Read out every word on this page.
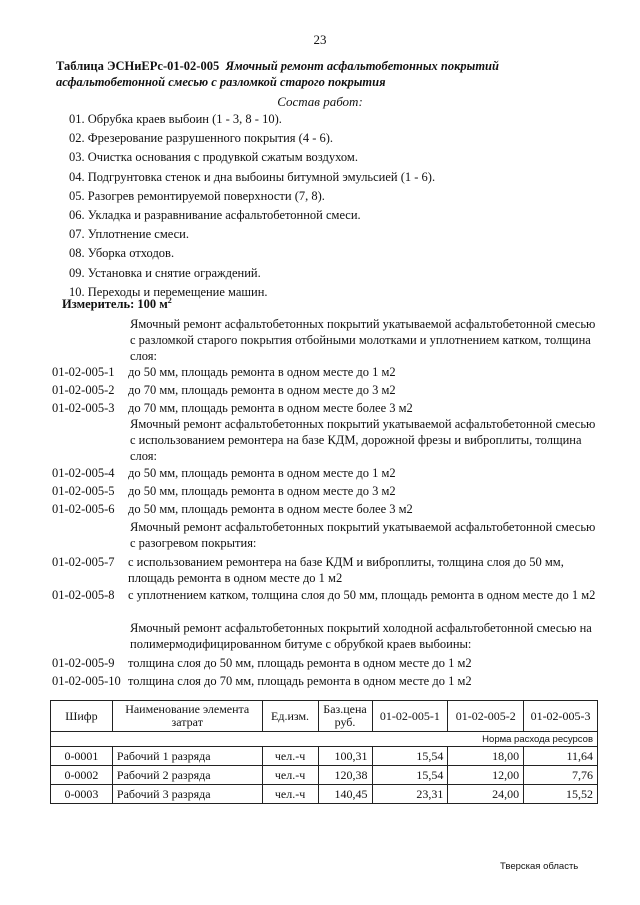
23
Таблица ЭСНиЕРс-01-02-005 Ямочный ремонт асфальтобетонных покрытий
асфальтобетонной смесью с разломкой старого покрытия
Состав работ:
01. Обрубка краев выбоин (1 - 3, 8 - 10).
02. Фрезерование разрушенного покрытия (4 - 6).
03. Очистка основания с продувкой сжатым воздухом.
04. Подгрунтовка стенок и дна выбоины битумной эмульсией (1 - 6).
05. Разогрев ремонтируемой поверхности (7, 8).
06. Укладка и разравнивание асфальтобетонной смеси.
07. Уплотнение смеси.
08. Уборка отходов.
09. Установка и снятие ограждений.
10. Переходы и перемещение машин.
Измеритель: 100 $м^2$
Ямочный ремонт асфальтобетонных покрытий укатываемой асфальтобетонной смесью с разломкой старого покрытия отбойными молотками и уплотнением катком, толщина слоя:
01-02-005-1 до 50 мм, площадь ремонта в одном месте до 1 м2
01-02-005-2 до 70 мм, площадь ремонта в одном месте до 3 м2
01-02-005-3 до 70 мм, площадь ремонта в одном месте более 3 м2
Ямочный ремонт асфальтобетонных покрытий укатываемой асфальтобетонной смесью с использованием ремонтера на базе КДМ, дорожной фрезы и виброплиты, толщина слоя:
01-02-005-4 до 50 мм, площадь ремонта в одном месте до 1 м2
01-02-005-5 до 50 мм, площадь ремонта в одном месте до 3 м2
01-02-005-6 до 50 мм, площадь ремонта в одном месте более 3 м2
Ямочный ремонт асфальтобетонных покрытий укатываемой асфальтобетонной смесью с разогревом покрытия:
01-02-005-7 с использованием ремонтера на базе КДМ и виброплиты, толщина слоя до 50 мм, площадь ремонта в одном месте до 1 м2
01-02-005-8 с уплотнением катком, толщина слоя до 50 мм, площадь ремонта в одном месте до 1 м2
Ямочный ремонт асфальтобетонных покрытий холодной асфальтобетонной смесью на полимермодифицированном битуме с обрубкой краев выбоины:
01-02-005-9 толщина слоя до 50 мм, площадь ремонта в одном месте до 1 м2
01-02-005-10 толщина слоя до 70 мм, площадь ремонта в одном месте до 1 м2
Шифр	Наименование элемента затрат	Ед.изм.	Баз.цена руб.	01-02-005-1	01-02-005-2	01-02-005-3
				Норма расхода ресурсов		
0-0001	Рабочий 1 разряда	чел.-ч	100,31	15,54	18,00	11,64
0-0002	Рабочий 2 разряда	чел.-ч	120,38	15,54	12,00	7,76
0-0003	Рабочий 3 разряда	чел.-ч	140,45	23,31	24,00	15,52
Тверская область
